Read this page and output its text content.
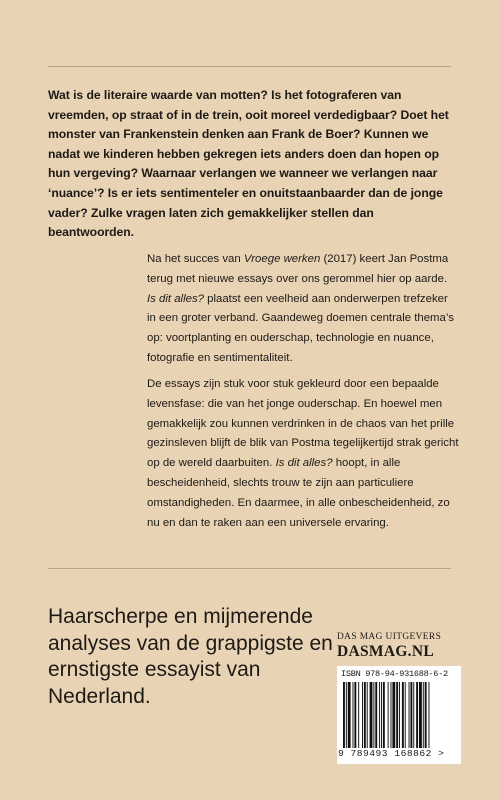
Wat is de literaire waarde van motten? Is het fotograferen van vreemden, op straat of in de trein, ooit moreel verdedigbaar? Doet het monster van Frankenstein denken aan Frank de Boer? Kunnen we nadat we kinderen hebben gekregen iets anders doen dan hopen op hun vergeving? Waarnaar verlangen we wanneer we verlangen naar ‘nuance’? Is er iets sentimenteler en onuitstaanbaarder dan de jonge vader? Zulke vragen laten zich gemakkelijker stellen dan beantwoorden.
Na het succes van Vroege werken (2017) keert Jan Postma terug met nieuwe essays over ons gerommel hier op aarde. Is dit alles? plaatst een veelheid aan onderwerpen trefzeker in een groter verband. Gaandeweg doemen centrale thema’s op: voortplanting en ouderschap, technologie en nuance, fotografie en sentimentaliteit.
De essays zijn stuk voor stuk gekleurd door een bepaalde levensfase: die van het jonge ouderschap. En hoewel men gemakkelijk zou kunnen verdrinken in de chaos van het prille gezinsleven blijft de blik van Postma tegelijkertijd strak gericht op de wereld daarbuiten. Is dit alles? hoopt, in alle bescheidenheid, slechts trouw te zijn aan particuliere omstandigheden. En daarmee, in alle onbescheidenheid, zo nu en dan te raken aan een universele ervaring.
Haarscherpe en mijmerende analyses van de grappigste en ernstigste essayist van Nederland.
DAS MAG UITGEVERS
DASMAG.NL
ISBN 978-94-931688-6-2
9 789493 168862 >
